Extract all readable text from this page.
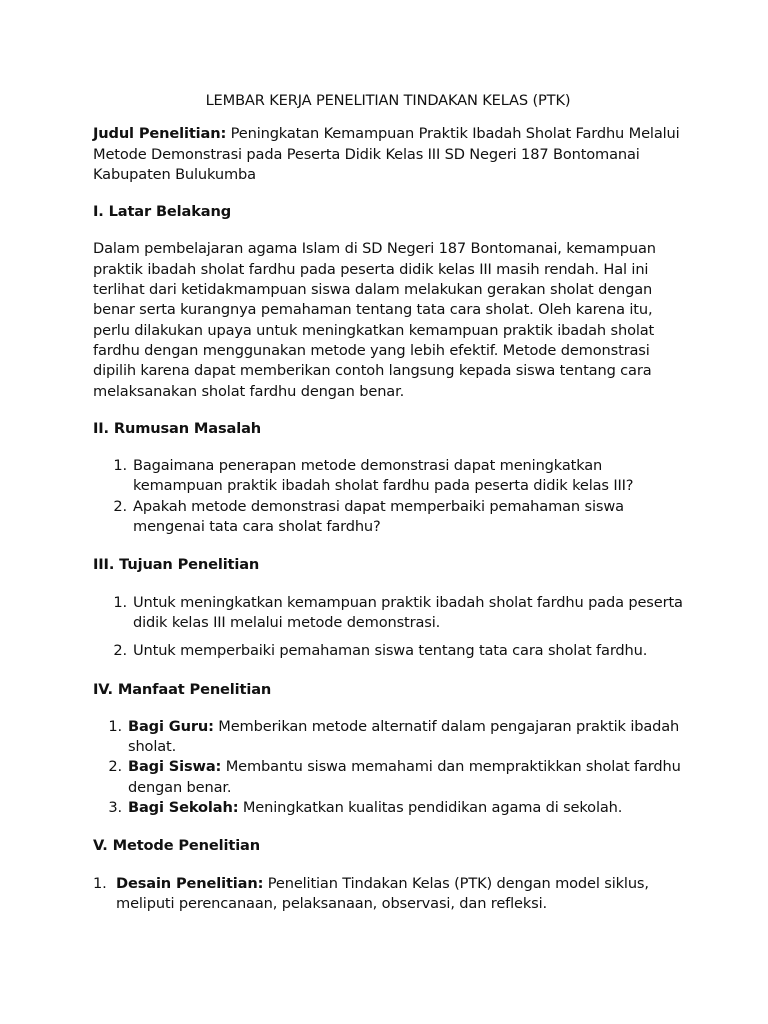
LEMBAR KERJA PENELITIAN TINDAKAN KELAS (PTK)

Judul Penelitian: Peningkatan Kemampuan Praktik Ibadah Sholat Fardhu Melalui Metode Demonstrasi pada Peserta Didik Kelas III SD Negeri 187 Bontomanai Kabupaten Bulukumba

I. Latar Belakang

Dalam pembelajaran agama Islam di SD Negeri 187 Bontomanai, kemampuan praktik ibadah sholat fardhu pada peserta didik kelas III masih rendah. Hal ini terlihat dari ketidakmampuan siswa dalam melakukan gerakan sholat dengan benar serta kurangnya pemahaman tentang tata cara sholat. Oleh karena itu, perlu dilakukan upaya untuk meningkatkan kemampuan praktik ibadah sholat fardhu dengan menggunakan metode yang lebih efektif. Metode demonstrasi dipilih karena dapat memberikan contoh langsung kepada siswa tentang cara melaksanakan sholat fardhu dengan benar.

II. Rumusan Masalah
1. Bagaimana penerapan metode demonstrasi dapat meningkatkan kemampuan praktik ibadah sholat fardhu pada peserta didik kelas III?
2. Apakah metode demonstrasi dapat memperbaiki pemahaman siswa mengenai tata cara sholat fardhu?
III. Tujuan Penelitian
1. Untuk meningkatkan kemampuan praktik ibadah sholat fardhu pada peserta didik kelas III melalui metode demonstrasi.
2. Untuk memperbaiki pemahaman siswa tentang tata cara sholat fardhu.
IV. Manfaat Penelitian
1. Bagi Guru: Memberikan metode alternatif dalam pengajaran praktik ibadah sholat.
2. Bagi Siswa: Membantu siswa memahami dan mempraktikkan sholat fardhu dengan benar.
3. Bagi Sekolah: Meningkatkan kualitas pendidikan agama di sekolah.
V. Metode Penelitian
1. Desain Penelitian: Penelitian Tindakan Kelas (PTK) dengan model siklus, meliputi perencanaan, pelaksanaan, observasi, dan refleksi.
